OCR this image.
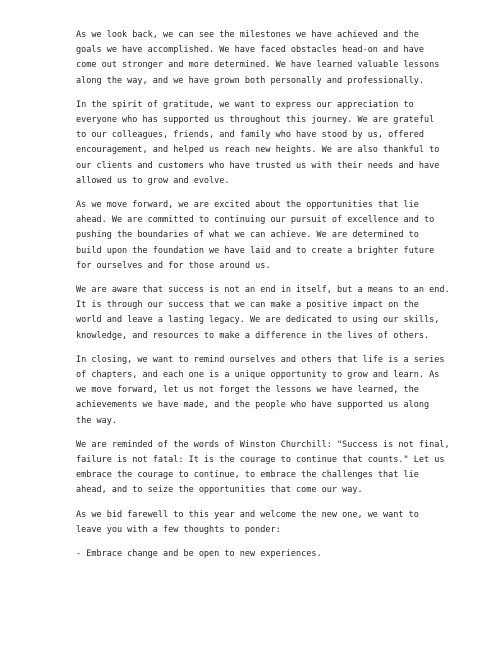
As we look back, we can see the milestones we have achieved and the
goals we have accomplished. We have faced obstacles head-on and have
come out stronger and more determined. We have learned valuable lessons
along the way, and we have grown both personally and professionally.
In the spirit of gratitude, we want to express our appreciation to
everyone who has supported us throughout this journey. We are grateful
to our colleagues, friends, and family who have stood by us, offered
encouragement, and helped us reach new heights. We are also thankful to
our clients and customers who have trusted us with their needs and have
allowed us to grow and evolve.
As we move forward, we are excited about the opportunities that lie
ahead. We are committed to continuing our pursuit of excellence and to
pushing the boundaries of what we can achieve. We are determined to
build upon the foundation we have laid and to create a brighter future
for ourselves and for those around us.
We are aware that success is not an end in itself, but a means to an end.
It is through our success that we can make a positive impact on the
world and leave a lasting legacy. We are dedicated to using our skills,
knowledge, and resources to make a difference in the lives of others.
In closing, we want to remind ourselves and others that life is a series
of chapters, and each one is a unique opportunity to grow and learn. As
we move forward, let us not forget the lessons we have learned, the
achievements we have made, and the people who have supported us along
the way.
We are reminded of the words of Winston Churchill: "Success is not final,
failure is not fatal: It is the courage to continue that counts." Let us
embrace the courage to continue, to embrace the challenges that lie
ahead, and to seize the opportunities that come our way.
As we bid farewell to this year and welcome the new one, we want to
leave you with a few thoughts to ponder:
- Embrace change and be open to new experiences.
